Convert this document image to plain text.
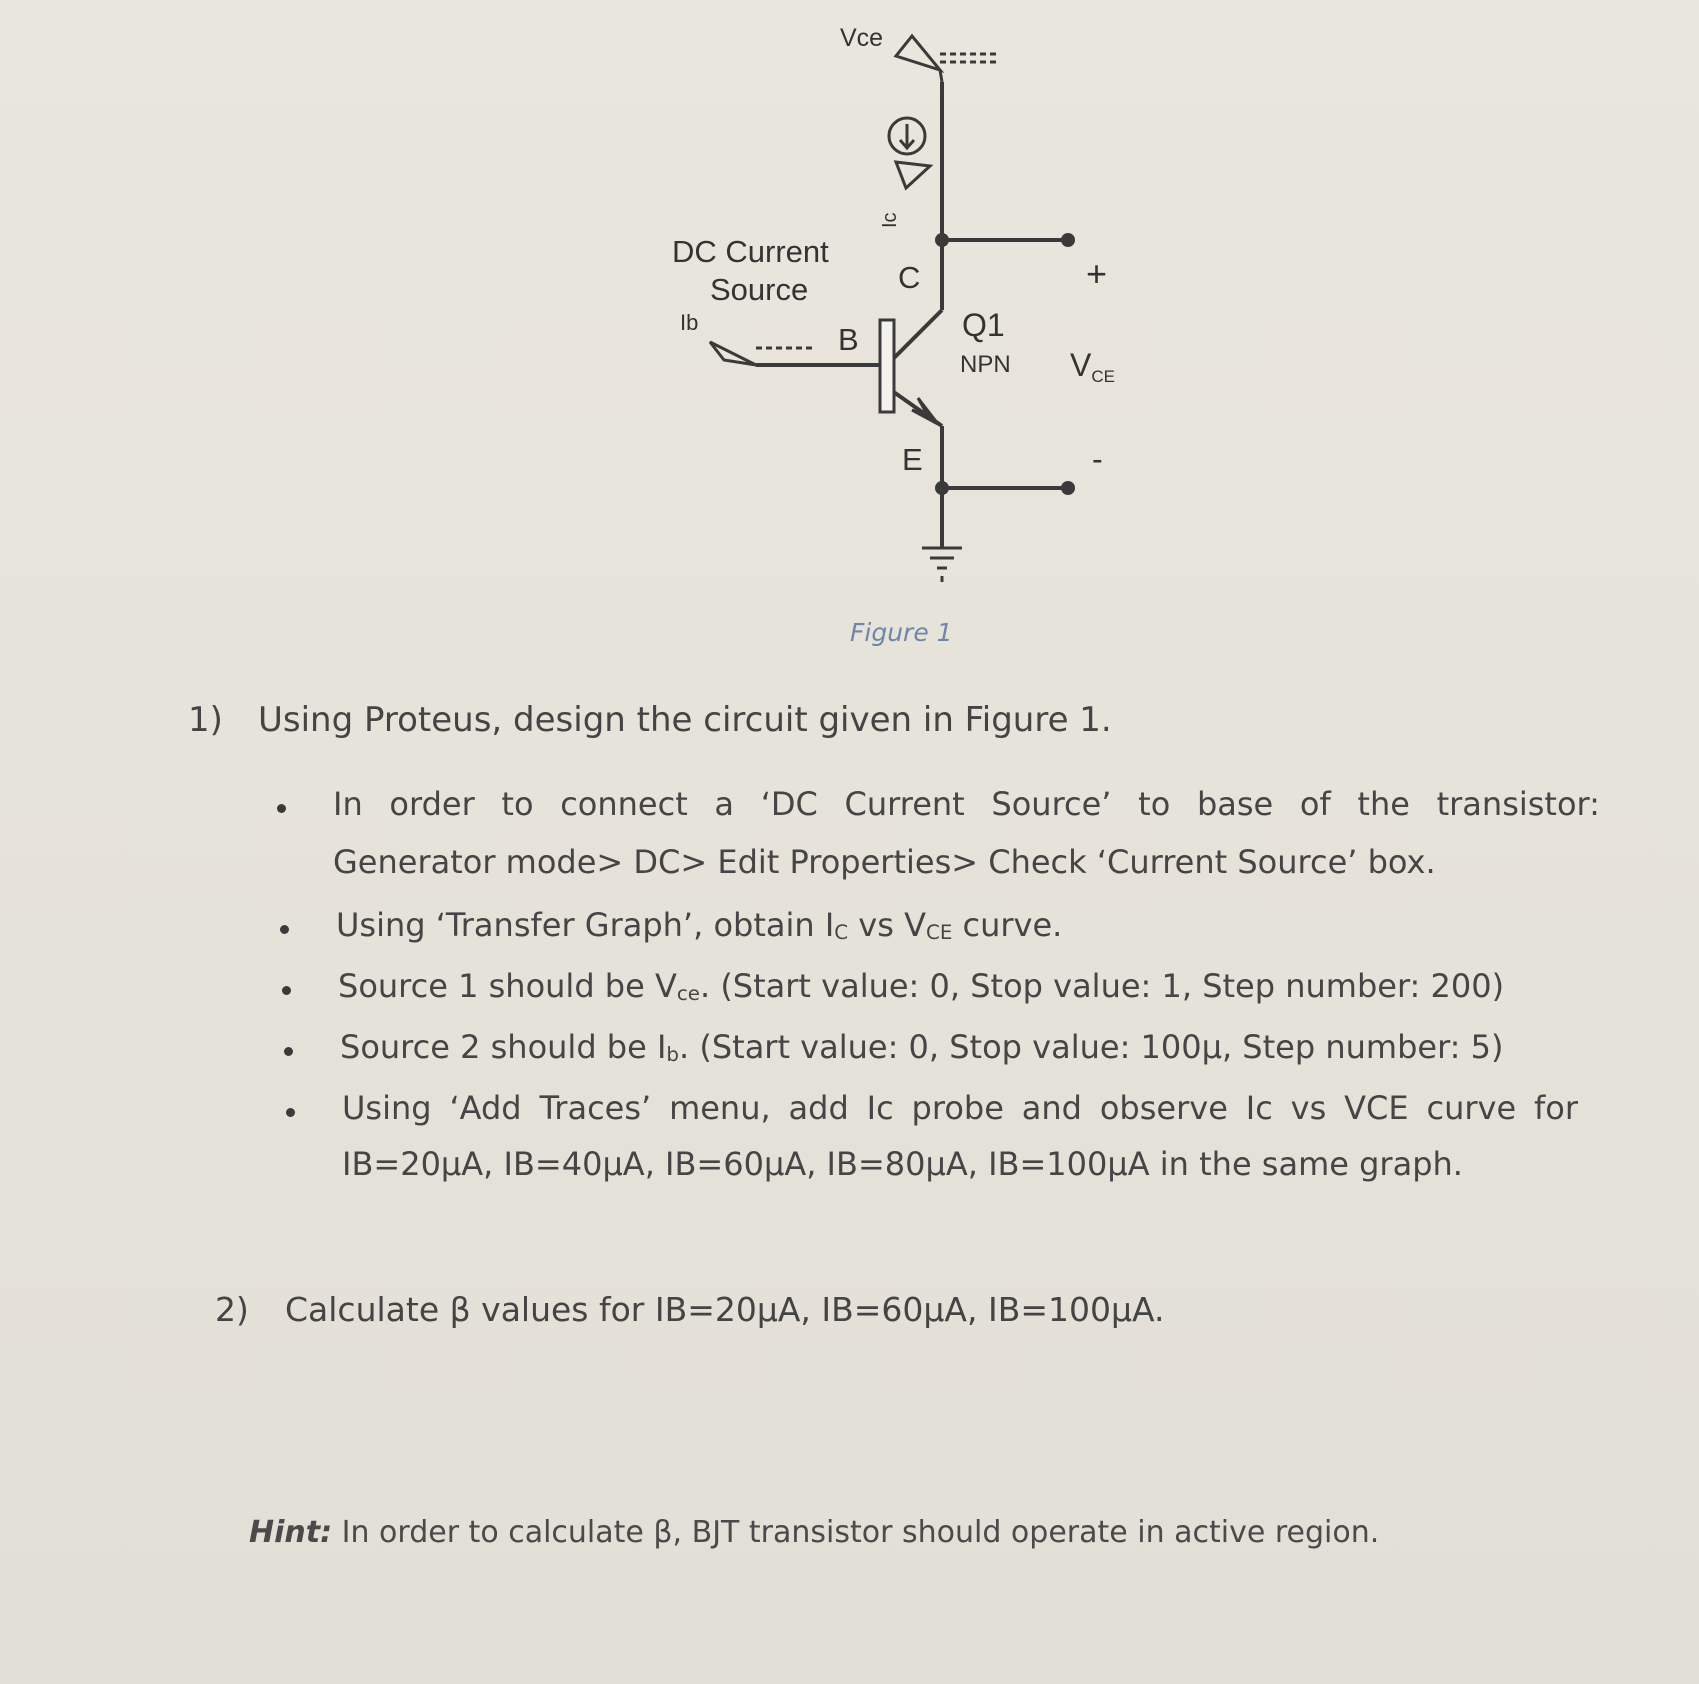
Vce
Ic
DC Current
Source
Ib
C
B
E
Q1
NPN
+
-
VCE
Figure 1
1) Using Proteus, design the circuit given in Figure 1.
In order to connect a ‘DC Current Source’ to base of the transistor:
Generator mode> DC> Edit Properties> Check ‘Current Source’ box.
Using ‘Transfer Graph’, obtain $I_C$ vs $V_{CE}$ curve.
Source 1 should be $V_{ce}$. (Start value: 0, Stop value: 1, Step number: 200)
Source 2 should be $I_b$. (Start value: 0, Stop value: 100µ, Step number: 5)
Using ‘Add Traces’ menu, add Ic probe and observe Ic vs VCE curve for
IB=20µA, IB=40µA, IB=60µA, IB=80µA, IB=100µA in the same graph.
2) Calculate β values for IB=20µA, IB=60µA, IB=100µA.
Hint: In order to calculate β, BJT transistor should operate in active region.
